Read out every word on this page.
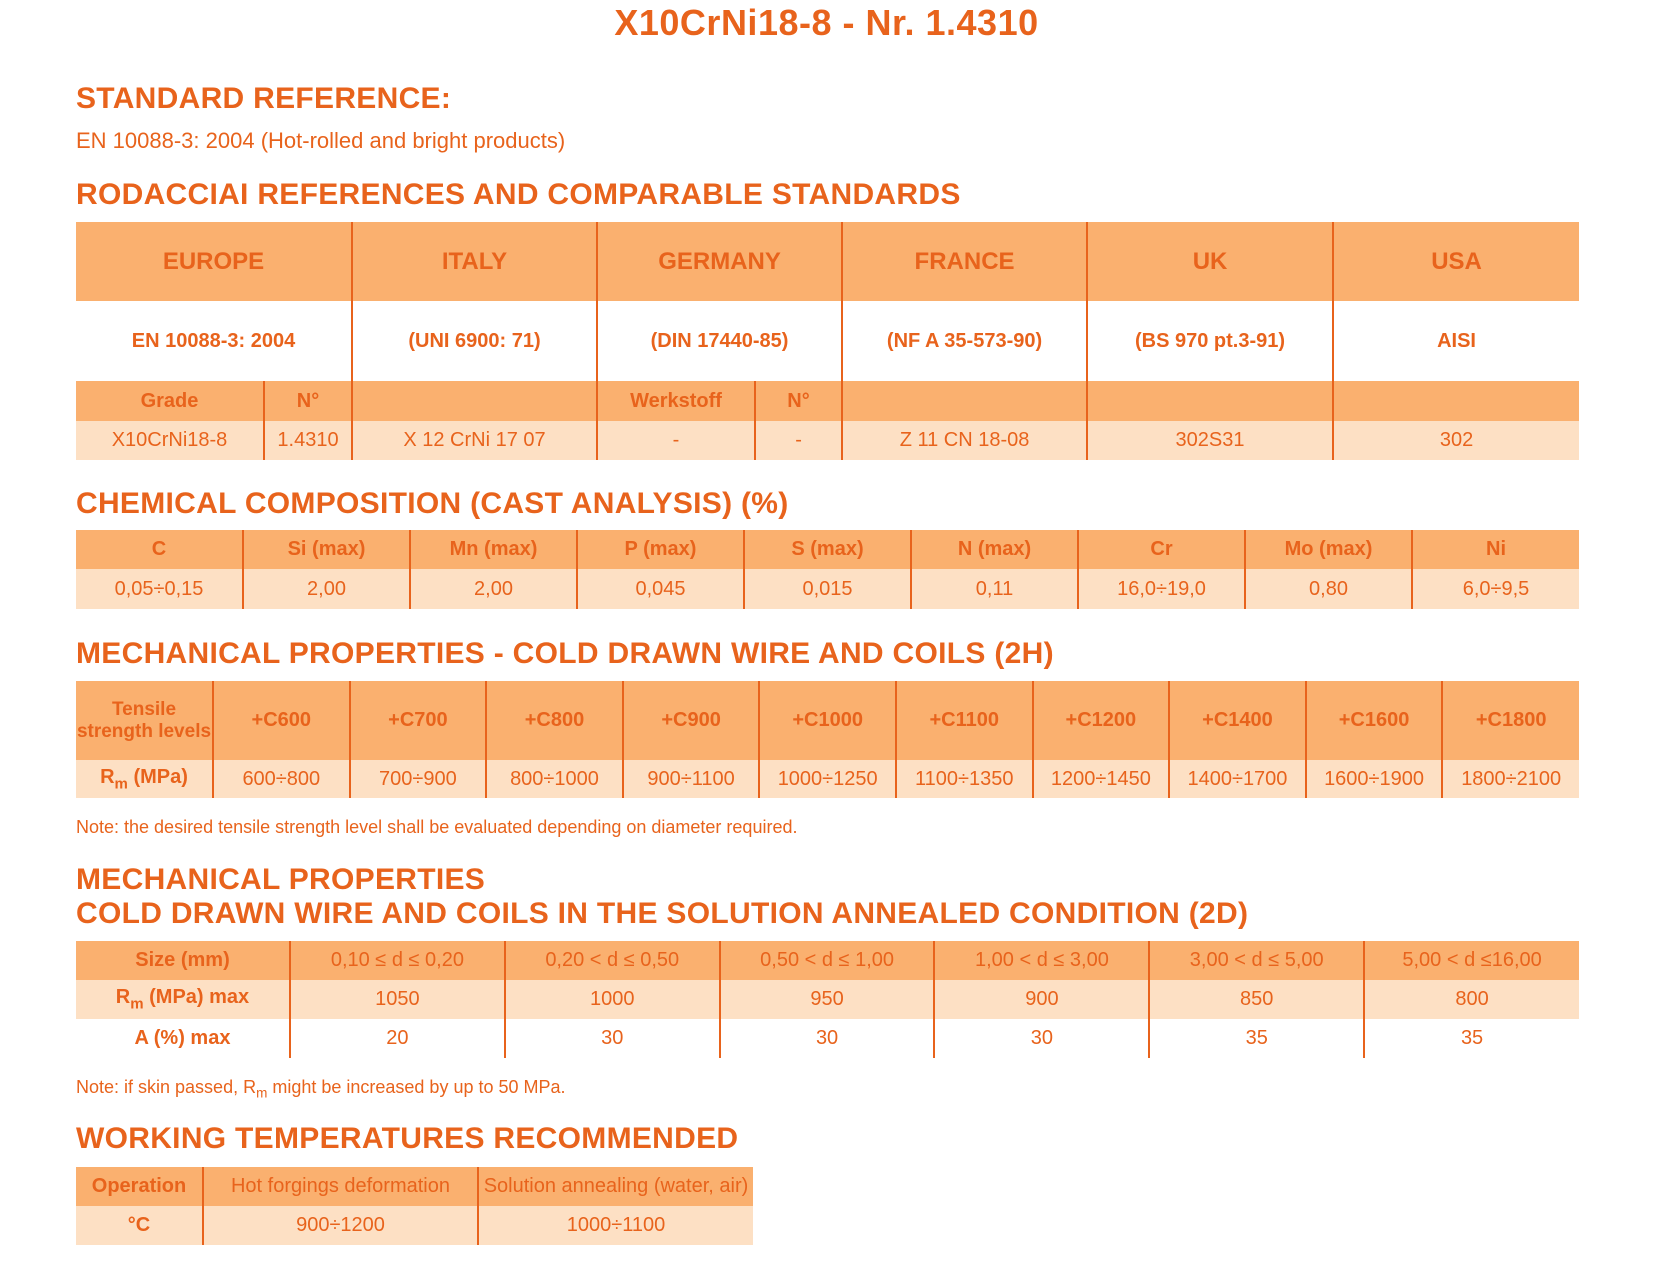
X10CrNi18-8 - Nr. 1.4310
STANDARD REFERENCE:
EN 10088-3: 2004 (Hot-rolled and bright products)
RODACCIAI REFERENCES AND COMPARABLE STANDARDS
EUROPE		ITALY	GERMANY		FRANCE	UK	USA
EN 10088-3: 2004		(UNI 6900: 71)	(DIN 17440-85)		(NF A 35-573-90)	(BS 970 pt.3-91)	AISI
Grade	N°		Werkstoff	N°			
X10CrNi18-8	1.4310	X 12 CrNi 17 07	-	-	Z 11 CN 18-08	302S31	302
CHEMICAL COMPOSITION (CAST ANALYSIS) (%)
C	Si (max)	Mn (max)	P (max)	S (max)	N (max)	Cr	Mo (max)	Ni
0,05÷0,15	2,00	2,00	0,045	0,015	0,11	16,0÷19,0	0,80	6,0÷9,5
MECHANICAL PROPERTIES - COLD DRAWN WIRE AND COILS (2H)
Tensile strength levels	+C600	+C700	+C800	+C900	+C1000	+C1100	+C1200	+C1400	+C1600	+C1800
$R_m$ (MPa)	600÷800	700÷900	800÷1000	900÷1100	1000÷1250	1100÷1350	1200÷1450	1400÷1700	1600÷1900	1800÷2100
Note: the desired tensile strength level shall be evaluated depending on diameter required.
MECHANICAL PROPERTIES
COLD DRAWN WIRE AND COILS IN THE SOLUTION ANNEALED CONDITION (2D)
Size (mm)	0,10 ≤ d ≤ 0,20	0,20 < d ≤ 0,50	0,50 < d ≤ 1,00	1,00 < d ≤ 3,00	3,00 < d ≤ 5,00	5,00 < d ≤16,00
$R_m$ (MPa) max	1050	1000	950	900	850	800
A (%) max	20	30	30	30	35	35
Note: if skin passed, $R_m$ might be increased by up to 50 MPa.
WORKING TEMPERATURES RECOMMENDED
Operation	Hot forgings deformation	Solution annealing (water, air)
°C	900÷1200	1000÷1100
